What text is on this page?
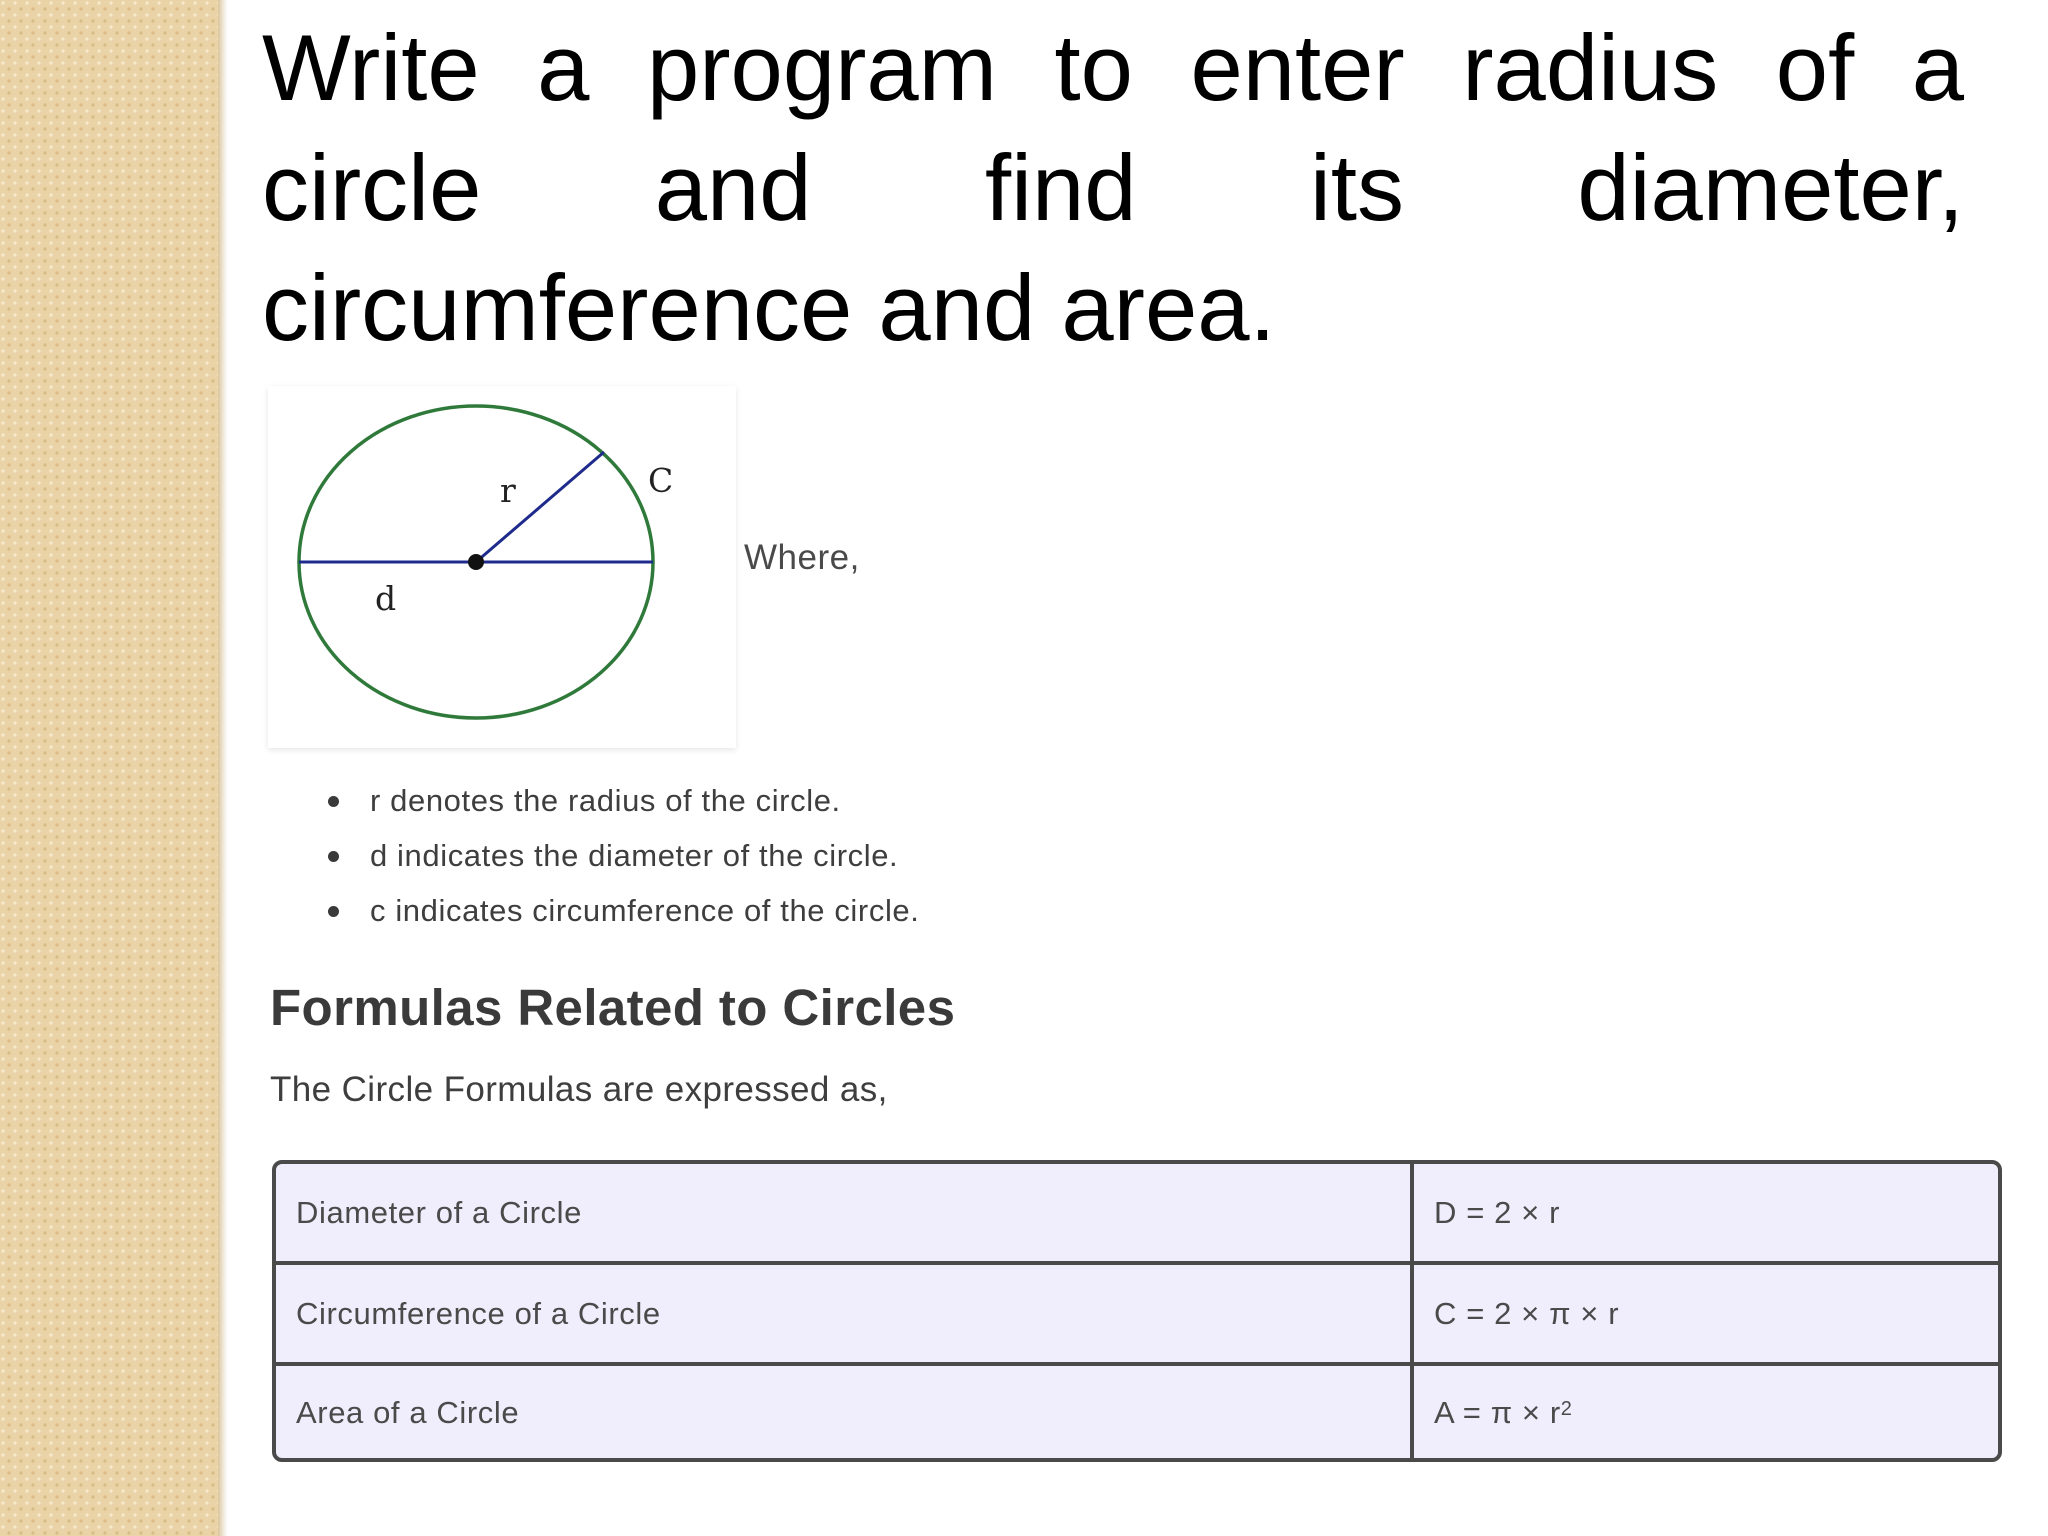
Write a program to enter radius of a circle and find its diameter, circumference and area.

r	C
d
Where,
r denotes the radius of the circle.
d indicates the diameter of the circle.
c indicates circumference of the circle.
Formulas Related to Circles

The Circle Formulas are expressed as,

Diameter of a Circle	D = 2 × r
Circumference of a Circle	C = 2 × π × r
Area of a Circle	$A = \pi \times r^2$
